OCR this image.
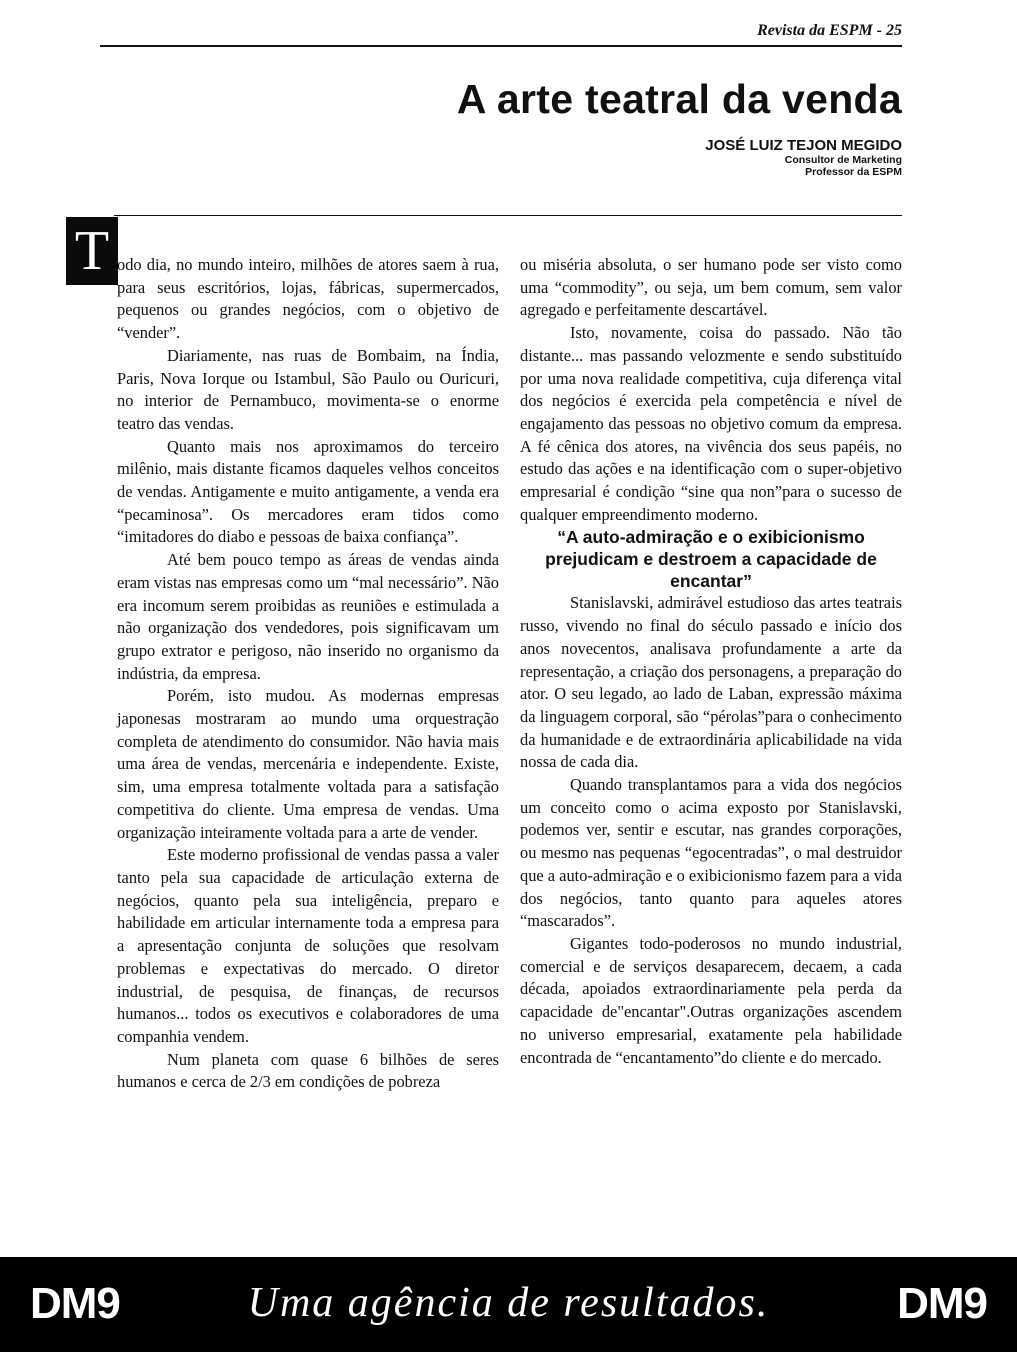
Revista da ESPM - 25
A arte teatral da venda
JOSÉ LUIZ TEJON MEGIDO
Consultor de Marketing
Professor da ESPM
T odo dia, no mundo inteiro, milhões de atores saem à rua, para seus escritórios, lojas, fábricas, supermercados, pequenos ou grandes negócios, com o objetivo de “vender”.

Diariamente, nas ruas de Bombaim, na Índia, Paris, Nova Iorque ou Istambul, São Paulo ou Ouricuri, no interior de Pernambuco, movimenta-se o enorme teatro das vendas.

Quanto mais nos aproximamos do terceiro milênio, mais distante ficamos daqueles velhos conceitos de vendas. Antigamente e muito antigamente, a venda era “pecaminosa”. Os mercadores eram tidos como “imitadores do diabo e pessoas de baixa confiança”.

Até bem pouco tempo as áreas de vendas ainda eram vistas nas empresas como um “mal necessário”. Não era incomum serem proibidas as reuniões e estimulada a não organização dos vendedores, pois significavam um grupo extrator e perigoso, não inserido no organismo da indústria, da empresa.

Porém, isto mudou. As modernas empresas japonesas mostraram ao mundo uma orquestração completa de atendimento do consumidor. Não havia mais uma área de vendas, mercenária e independente. Existe, sim, uma empresa totalmente voltada para a satisfação competitiva do cliente. Uma empresa de vendas. Uma organização inteiramente voltada para a arte de vender.

Este moderno profissional de vendas passa a valer tanto pela sua capacidade de articulação externa de negócios, quanto pela sua inteligência, preparo e habilidade em articular internamente toda a empresa para a apresentação conjunta de soluções que resolvam problemas e expectativas do mercado. O diretor industrial, de pesquisa, de finanças, de recursos humanos... todos os executivos e colaboradores de uma companhia vendem.

Num planeta com quase 6 bilhões de seres humanos e cerca de 2/3 em condições de pobreza

ou miséria absoluta, o ser humano pode ser visto como uma “commodity”, ou seja, um bem comum, sem valor agregado e perfeitamente descartável.

Isto, novamente, coisa do passado. Não tão distante... mas passando velozmente e sendo substituído por uma nova realidade competitiva, cuja diferença vital dos negócios é exercida pela competência e nível de engajamento das pessoas no objetivo comum da empresa. A fé cênica dos atores, na vivência dos seus papéis, no estudo das ações e na identificação com o super-objetivo empresarial é condição “sine qua non”para o sucesso de qualquer empreendimento moderno.

“A auto-admiração e o exibicionismo prejudicam e destroem a capacidade de encantar”

Stanislavski, admirável estudioso das artes teatrais russo, vivendo no final do século passado e início dos anos novecentos, analisava profundamente a arte da representação, a criação dos personagens, a preparação do ator. O seu legado, ao lado de Laban, expressão máxima da linguagem corporal, são “pérolas”para o conhecimento da humanidade e de extraordinária aplicabilidade na vida nossa de cada dia.

Quando transplantamos para a vida dos negócios um conceito como o acima exposto por Stanislavski, podemos ver, sentir e escutar, nas grandes corporações, ou mesmo nas pequenas “egocentradas”, o mal destruidor que a auto-admiração e o exibicionismo fazem para a vida dos negócios, tanto quanto para aqueles atores “mascarados”.

Gigantes todo-poderosos no mundo industrial, comercial e de serviços desaparecem, decaem, a cada década, apoiados extraordinariamente pela perda da capacidade de"encantar".Outras organizações ascendem no universo empresarial, exatamente pela habilidade encontrada de “encantamento”do cliente e do mercado.

DM9	Uma agência de resultados.	DM9
